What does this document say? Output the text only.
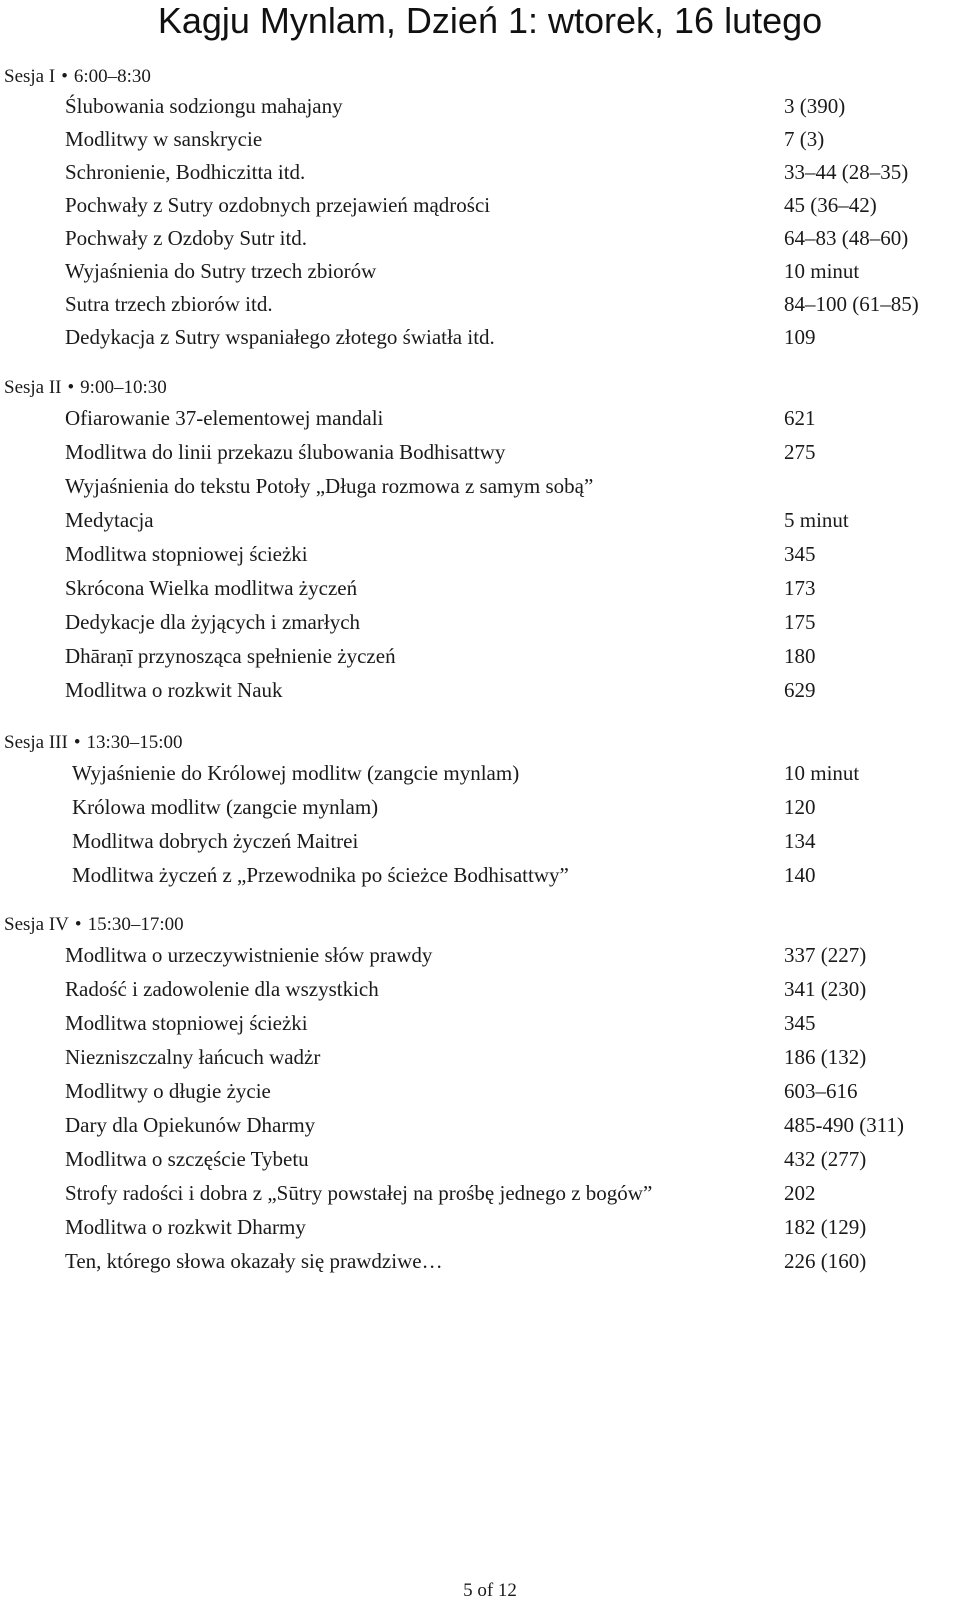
Kagju Mynlam, Dzień 1: wtorek, 16 lutego
Sesja I • 6:00–8:30
Ślubowania sodziongu mahajany	3 (390)
Modlitwy w sanskrycie	7 (3)
Schronienie, Bodhiczitta itd.	33–44 (28–35)
Pochwały z Sutry ozdobnych przejawień mądrości	45 (36–42)
Pochwały z Ozdoby Sutr itd.	64–83 (48–60)
Wyjaśnienia do Sutry trzech zbiorów	10 minut
Sutra trzech zbiorów itd.	84–100 (61–85)
Dedykacja z Sutry wspaniałego złotego światła itd.	109
Sesja II • 9:00–10:30
Ofiarowanie 37-elementowej mandali	621
Modlitwa do linii przekazu ślubowania Bodhisattwy	275
Wyjaśnienia do tekstu Potoły „Długa rozmowa z samym sobą”
Medytacja	5 minut
Modlitwa stopniowej ścieżki	345
Skrócona Wielka modlitwa życzeń	173
Dedykacje dla żyjących i zmarłych	175
Dhāraṇī przynosząca spełnienie życzeń	180
Modlitwa o rozkwit Nauk	629
Sesja III • 13:30–15:00
Wyjaśnienie do Królowej modlitw (zangcie mynlam)	10 minut
Królowa modlitw (zangcie mynlam)	120
Modlitwa dobrych życzeń Maitrei	134
Modlitwa życzeń z „Przewodnika po ścieżce Bodhisattwy”	140
Sesja IV • 15:30–17:00
Modlitwa o urzeczywistnienie słów prawdy	337 (227)
Radość i zadowolenie dla wszystkich	341 (230)
Modlitwa stopniowej ścieżki	345
Niezniszczalny łańcuch wadżr	186 (132)
Modlitwy o długie życie	603–616
Dary dla Opiekunów Dharmy	485-490 (311)
Modlitwa o szczęście Tybetu	432 (277)
Strofy radości i dobra z „Sūtry powstałej na prośbę jednego z bogów”	202
Modlitwa o rozkwit Dharmy	182 (129)
Ten, którego słowa okazały się prawdziwe…	226 (160)
5 of 12
